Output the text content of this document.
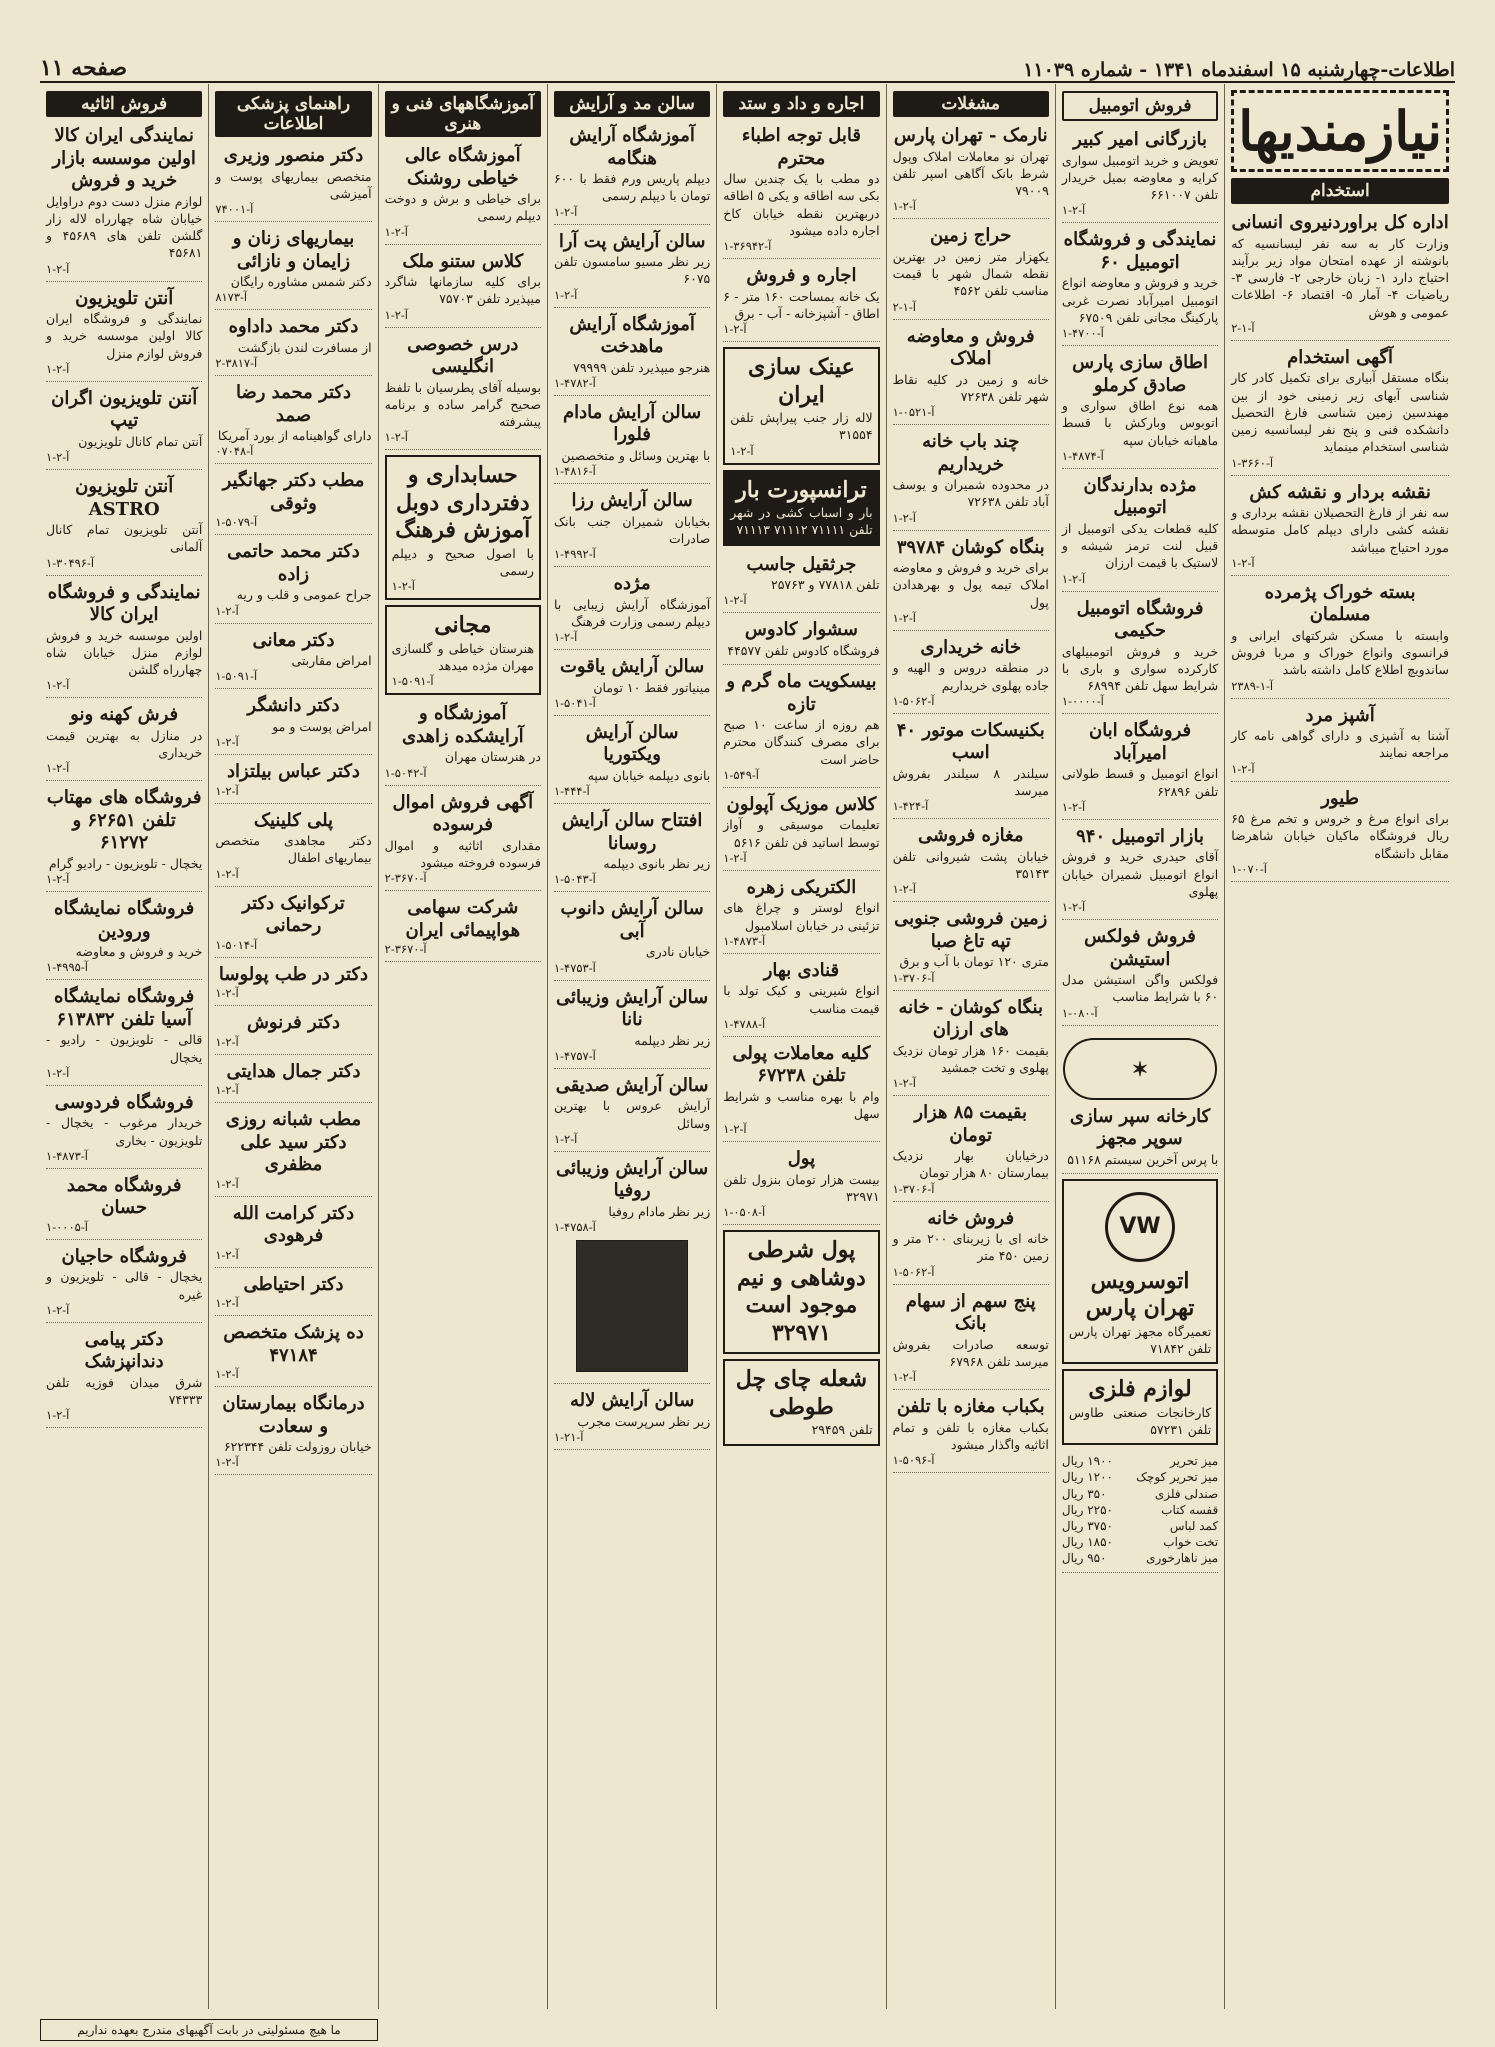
اطلاعات-چهارشنبه ۱۵ اسفندماه ۱۳۴۱ - شماره ۱۱۰۳۹
صفحه ۱۱
نیازمندیها
استخدام
اداره کل براوردنیروی انسانی
وزارت کار به سه نفر لیسانسیه که بانوشته از عهده امتحان مواد زیر برآیند احتیاج دارد ۱- زبان خارجی ۲- فارسی ۳- ریاضیات ۴- آمار ۵- اقتصاد ۶- اطلاعات عمومی و هوش
آ-۱-۲
آگهی استخدام
بنگاه مستقل آبیاری برای تکمیل کادر کار شناسی آبهای زیر زمینی خود از بین مهندسین زمین شناسی فارغ التحصیل دانشکده فنی و پنج نفر لیسانسیه زمین شناسی استخدام مینماید
آ-۳۶۶۰-۱
نقشه بردار و نقشه کش
سه نفر از فارغ التحصیلان نقشه برداری و نقشه کشی دارای دیپلم کامل متوسطه مورد احتیاج میباشد
آ-۲-۱
بسته خوراک پژمرده مسلمان
وابسته با مسکن شرکتهای ایرانی و فرانسوی وانواع خوراک و مربا فروش ساندویچ اطلاع کامل داشته باشد
آ-۱-۲۳۸۹
آشپز مرد
آشنا به آشپزی و دارای گواهی نامه کار مراجعه نمایند
آ-۲-۱
طیور
برای انواع مرغ و خروس و تخم مرغ ۶۵ ریال فروشگاه ماکیان خیابان شاهرضا مقابل دانشگاه
آ-۰۷۰-۱
فروش اتومبیل
بازرگانی امیر کبیر
تعویض و خرید اتومبیل سواری کرایه و معاوضه بمیل خریدار تلفن ۶۶۱۰۰۷
آ-۲-۱
نمایندگی و فروشگاه اتومبیل ۶۰
خرید و فروش و معاوضه انواع اتومبیل امیرآباد نصرت غربی پارکینگ مجانی تلفن ۶۷۵۰۹
آ-۴۷۰۰-۱
اطاق سازی پارس صادق کرملو
همه نوع اطاق سواری و اتوبوس وبارکش با قسط ماهیانه خیابان سپه
آ-۴۸۷۴-۱
مژده بدارندگان اتومبیل
کلیه قطعات یدکی اتومبیل از قبیل لنت ترمز شیشه و لاستیک با قیمت ارزان
آ-۲-۱
فروشگاه اتومبیل حکیمی
خرید و فروش اتومبیلهای کارکرده سواری و باری با شرایط سهل تلفن ۶۸۹۹۴
آ-۰۰۰۰-۱
فروشگاه ابان امیرآباد
انواع اتومبیل و قسط طولانی تلفن ۶۲۸۹۶
آ-۲-۱
بازار اتومبیل ۹۴۰
آقای حیدری خرید و فروش انواع اتومبیل شمیران خیابان پهلوی
آ-۲-۱
فروش فولکس استیشن
فولکس واگن استیشن مدل ۶۰ با شرایط مناسب
آ-۰۸۰-۱
✶
کارخانه سپر سازی سوپر مجهز
با پرس آخرین سیستم ۵۱۱۶۸
VW
اتوسرویس تهران پارس
تعمیرگاه مجهز تهران پارس تلفن ۷۱۸۴۲
لوازم فلزی
کارخانجات صنعتی طاوس تلفن ۵۷۲۳۱
میز تحریر
۱۹۰۰ ریال
میز تحریر کوچک
۱۲۰۰ ریال
صندلی فلزی
۳۵۰ ریال
قفسه کتاب
۲۲۵۰ ریال
کمد لباس
۳۷۵۰ ریال
تخت خواب
۱۸۵۰ ریال
میز ناهارخوری
۹۵۰ ریال
مشغلات
نارمک - تهران پارس
تهران نو معاملات املاک وپول شرط بانک آگاهی اسپر تلفن ۷۹۰۰۹
آ-۲-۱
حراج زمین
یکهزار متر زمین در بهترین نقطه شمال شهر با قیمت مناسب تلفن ۴۵۶۲
آ-۱-۲
فروش و معاوضه املاک
خانه و زمین در کلیه نقاط شهر تلفن ۷۲۶۳۸
آ-۰۵۲۱-۱
چند باب خانه خریداریم
در محدوده شمیران و یوسف آباد تلفن ۷۲۶۳۸
آ-۲-۱
بنگاه کوشان ۳۹۷۸۴
برای خرید و فروش و معاوضه املاک تیمه پول و بهرهدادن پول
آ-۲-۱
خانه خریداری
در منطقه دروس و الهیه و جاده پهلوی خریداریم
آ-۵۰۶۲-۱
بکنیسکات موتور ۴۰ اسب
سیلندر ۸ سیلندر بفروش میرسد
آ-۴۲۴-۱
مغازه فروشی
خیابان پشت شیروانی تلفن ۳۵۱۴۳
آ-۲-۱
زمین فروشی جنوبی تپه تاغ صبا
متری ۱۲۰ تومان با آب و برق
آ-۳۷۰۶-۱
بنگاه کوشان - خانه های ارزان
بقیمت ۱۶۰ هزار تومان نزدیک پهلوی و تخت جمشید
آ-۲-۱
بقیمت ۸۵ هزار تومان
درخیابان بهار نزدیک بیمارستان ۸۰ هزار تومان
آ-۳۷۰۶-۱
فروش خانه
خانه ای با زیربنای ۲۰۰ متر و زمین ۴۵۰ متر
آ-۵۰۶۲-۱
پنج سهم از سهام بانک
توسعه صادرات بفروش میرسد تلفن ۶۷۹۶۸
آ-۲-۱
بکباب مغازه با تلفن
بکباب مغازه با تلفن و تمام اثاثیه واگذار میشود
آ-۵۰۹۶-۱
اجاره و داد و ستد
قابل توجه اطباء محترم
دو مطب با یک چندین سال بکی سه اطاقه و یکی ۵ اطاقه دربهترین نقطه خیابان کاخ اجاره داده میشود
آ-۳۶۹۴۲-۱
اجاره و فروش
یک خانه بمساحت ۱۶۰ متر - ۶ اطاق - آشپزخانه - آب - برق
آ-۲-۱
عینک سازی ایران
لاله زار جنب پیراپش تلفن ۳۱۵۵۴
آ-۲-۱
ترانسپورت بار
بار و اسباب کشی در شهر تلفن ۷۱۱۱۱ ۷۱۱۱۲ ۷۱۱۱۳
جرثقیل جاسب
تلفن ۷۷۸۱۸ و ۲۵۷۶۳
آ-۲-۱
سشوار کادوس
فروشگاه کادوس تلفن ۴۴۵۷۷
بیسکویت ماه گرم و تازه
هم روزه از ساعت ۱۰ صبح برای مصرف کنندگان محترم حاضر است
آ-۵۴۹-۱
کلاس موزیک آپولون
تعلیمات موسیقی و آواز توسط اساتید فن تلفن ۵۶۱۶
آ-۲-۱
الکتریکی زهره
انواع لوستر و چراغ های تزئینی در خیابان اسلامبول
آ-۴۸۷۳-۱
قنادی بهار
انواع شیرینی و کیک تولد با قیمت مناسب
آ-۴۷۸۸-۱
کلیه معاملات پولی تلفن ۶۷۲۳۸
وام با بهره مناسب و شرایط سهل
آ-۲-۱
پول
بیست هزار تومان بنزول تلفن ۳۲۹۷۱
آ-۰۵۰۸-۱
پول شرطی دوشاهی و نیم موجود است ۳۲۹۷۱
شعله چای چل طوطی
تلفن ۲۹۴۵۹
سالن مد و آرایش
آموزشگاه آرایش هنگامه
دیپلم پاریس ورم فقط با ۶۰۰ تومان با دیپلم رسمی
آ-۲-۱
سالن آرایش پت آرا
زیر نظر مسیو سامسون تلفن ۶۰۷۵
آ-۲-۱
آموزشگاه آرایش ماهدخت
هنرجو میپذیرد تلفن ۷۹۹۹۹
آ-۴۷۸۲-۱
سالن آرایش مادام فلورا
با بهترین وسائل و متخصصین
آ-۴۸۱۶-۱
سالن آرایش رزا
بخیابان شمیران جنب بانک صادرات
آ-۴۹۹۲-۱
مژده
آموزشگاه آرایش زیبایی با دیپلم رسمی وزارت فرهنگ
آ-۲-۱
سالن آرایش یاقوت
مینیاتور فقط ۱۰ تومان
آ-۵۰۴۱-۱
سالن آرایش ویکتوریا
بانوی دیپلمه خیابان سپه
آ-۴۴۴-۱
افتتاح سالن آرایش روسانا
زیر نظر بانوی دیپلمه
آ-۵۰۴۳-۱
سالن آرایش دانوب آبی
خیابان نادری
آ-۴۷۵۳-۱
سالن آرایش وزیبائی نانا
زیر نظر دیپلمه
آ-۴۷۵۷-۱
سالن آرایش صدیقی
آرایش عروس با بهترین وسائل
آ-۲-۱
سالن آرایش وزیبائی روفیا
زیر نظر مادام روفیا
آ-۴۷۵۸-۱
سالن آرایش لاله
زیر نظر سرپرست مجرب
آ-۲۱-۱
آموزشگاههای فنی و هنری
آموزشگاه عالی خیاطی روشنک
برای خیاطی و برش و دوخت دیپلم رسمی
آ-۲-۱
کلاس ستنو ملک
برای کلیه سازمانها شاگرد میپذیرد تلفن ۷۵۷۰۳
آ-۲-۱
درس خصوصی انگلیسی
بوسیله آقای پطرسیان با تلفظ صحیح گرامر ساده و برنامه پیشرفته
آ-۲-۱
حسابداری و دفترداری دوبل آموزش فرهنگ
با اصول صحیح و دیپلم رسمی
آ-۲-۱
مجانی
هنرستان خیاطی و گلسازی مهران مژده میدهد
آ-۵۰۹۱-۱
آموزشگاه و آرایشکده زاهدی
در هنرستان مهران
آ-۵۰۴۲-۱
آگهی فروش اموال فرسوده
مقداری اثاثیه و اموال فرسوده فروخته میشود
آ-۳۶۷۰-۲
شرکت سهامی هواپیمائی ایران
آ-۳۶۷۰-۲
راهنمای پزشکی اطلاعات
دکتر منصور وزیری
متخصص بیماریهای پوست و آمیزشی
آ-۷۴۰۰۱
بیماریهای زنان و زایمان و نازائی
دکتر شمس مشاوره رایگان
آ-۸۱۷۳
دکتر محمد داداوه
از مسافرت لندن بازگشت
آ-۳۸۱۷-۲
دکتر محمد رضا صمد
دارای گواهینامه از بورد آمریکا
آ-۰۷۰۴۸
مطب دکتر جهانگیر وثوقی
آ-۵۰۷۹-۱
دکتر محمد حاتمی زاده
جراح عمومی و قلب و ریه
آ-۲-۱
دکتر معانی
امراض مقاربتی
آ-۵۰۹۱-۱
دکتر دانشگر
امراض پوست و مو
آ-۲-۱
دکتر عباس بیلتزاد
آ-۲-۱
پلی کلینیک
دکتر مجاهدی متخصص بیماریهای اطفال
آ-۲-۱
ترکوانیک دکتر رحمانی
آ-۵۰۱۴-۱
دکتر در طب پولوسا
آ-۲-۱
دکتر فرنوش
آ-۲-۱
دکتر جمال هدایتی
آ-۲-۱
مطب شبانه روزی دکتر سید علی مظفری
آ-۲-۱
دکتر کرامت الله فرهودی
آ-۲-۱
دکتر احتیاطی
آ-۲-۱
ده پزشک متخصص ۴۷۱۸۴
آ-۲-۱
درمانگاه بیمارستان و سعادت
خیابان روزولت تلفن ۶۲۲۳۴۴
آ-۲-۱
فروش اثاثیه
نمایندگی ایران کالا اولین موسسه بازار خرید و فروش
لوازم منزل دست دوم دراوایل خیابان شاه چهارراه لاله زار گلشن تلفن های ۴۵۶۸۹ و ۴۵۶۸۱
آ-۲-۱
آنتن تلویزیون
نمایندگی و فروشگاه ایران کالا اولین موسسه خرید و فروش لوازم منزل
آ-۲-۱
آنتن تلویزیون اگران تیپ
آنتن تمام کانال تلویزیون
آ-۲-۱
آنتن تلویزیون ASTRO
آنتن تلویزیون تمام کانال آلمانی
آ-۳۰۴۹۶-۱
نمایندگی و فروشگاه ایران کالا
اولین موسسه خرید و فروش لوازم منزل خیابان شاه چهارراه گلشن
آ-۲-۱
فرش کهنه ونو
در منازل به بهترین قیمت خریداری
آ-۲-۱
فروشگاه های مهتاب تلفن ۶۲۶۵۱ و ۶۱۲۷۲
یخچال - تلویزیون - رادیو گرام
آ-۲-۱
فروشگاه نمایشگاه ورودین
خرید و فروش و معاوضه
آ-۴۹۹۵-۱
فروشگاه نمایشگاه آسیا تلفن ۶۱۳۸۳۲
قالی - تلویزیون - رادیو - یخچال
آ-۲-۱
فروشگاه فردوسی
خریدار مرغوب - یخچال - تلویزیون - بخاری
آ-۴۸۷۳-۱
فروشگاه محمد حسان
آ-۰۰۰۵-۱
فروشگاه حاجیان
یخچال - قالی - تلویزیون و غیره
آ-۲-۱
دکتر پیامی دندانپزشک
شرق میدان فوزیه تلفن ۷۴۳۳۳
آ-۲-۱
ما هیچ مسئولیتی در بابت آگهیهای مندرج بعهده نداریم
